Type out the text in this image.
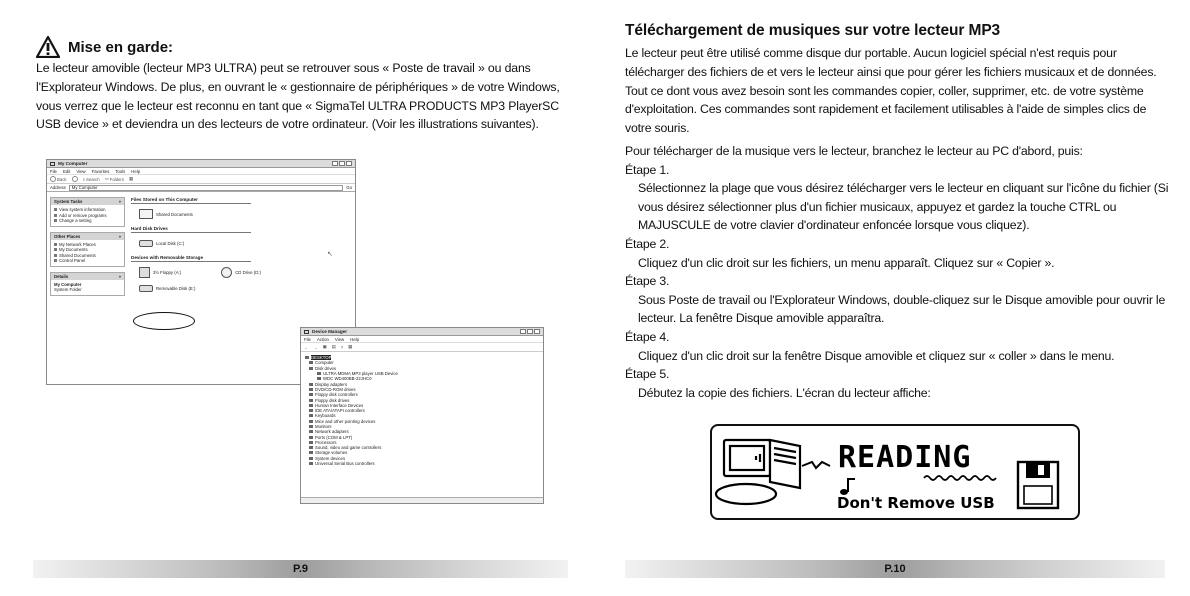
Mise en garde:

Le lecteur amovible (lecteur MP3 ULTRA) peut se retrouver sous « Poste de travail » ou dans l'Explorateur Windows. De plus, en ouvrant le « gestionnaire de périphériques » de votre Windows, vous verrez que le lecteur est reconnu en tant que « SigmaTel ULTRA PRODUCTS MP3 PlayerSC USB device » et deviendra un des lecteurs de votre ordinateur. (Voir les illustrations suivantes).

My Computer
File Edit View Favorites Tools Help
Back	⌕ Search ▭ Folders ▦
Address My Computer	Go
System Tasks	»
View system information
Add or remove programs
Change a setting
Other Places	»
My Network Places
My Documents
Shared Documents
Control Panel
Details	»
My Computer
System Folder
Files Stored on This Computer
Shared Documents
Hard Disk Drives
Local Disk (C:)
Devices with Removable Storage
3½ Floppy (A:)	CD Drive (D:)
Removable Disk (E:)
↖
Device Manager
File Action View Help
← → ▣ ▤ ? ▦
DESKTOP
Computer
Disk drives
ULTRA MDMA MP3 player USB Device
WDC WD400BB-22JHC0
Display adapters
DVD/CD-ROM drives
Floppy disk controllers
Floppy disk drives
Human Interface Devices
IDE ATA/ATAPI controllers
Keyboards
Mice and other pointing devices
Monitors
Network adapters
Ports (COM & LPT)
Processors
Sound, video and game controllers
Storage volumes
System devices
Universal Serial Bus controllers
P.9
Téléchargement de musiques sur votre lecteur MP3

Le lecteur peut être utilisé comme disque dur portable. Aucun logiciel spécial n'est requis pour télécharger des fichiers de et vers le lecteur ainsi que pour gérer les fichiers musicaux et de données. Tout ce dont vous avez besoin sont les commandes copier, coller, supprimer, etc. de votre système d'exploitation. Ces commandes sont rapidement et facilement utilisables à l'aide de simples clics de votre souris.

Pour télécharger de la musique vers le lecteur, branchez le lecteur au PC d'abord, puis:
Étape 1.
Sélectionnez la plage que vous désirez télécharger vers le lecteur en cliquant sur l'icône du fichier (Si vous désirez sélectionner plus d'un fichier musicaux, appuyez et gardez la touche CTRL ou MAJUSCULE de votre clavier d'ordinateur enfoncée lorsque vous cliquez).
Étape 2.
Cliquez d'un clic droit sur les fichiers, un menu apparaît. Cliquez sur « Copier ».
Étape 3.
Sous Poste de travail ou l'Explorateur Windows, double-cliquez sur le Disque amovible pour ouvrir le lecteur. La fenêtre Disque amovible apparaîtra.
Étape 4.
Cliquez d'un clic droit sur la fenêtre Disque amovible et cliquez sur « coller » dans le menu.
Étape 5.
Débutez la copie des fichiers. L'écran du lecteur affiche:
READING
Don't Remove USB
P.10
